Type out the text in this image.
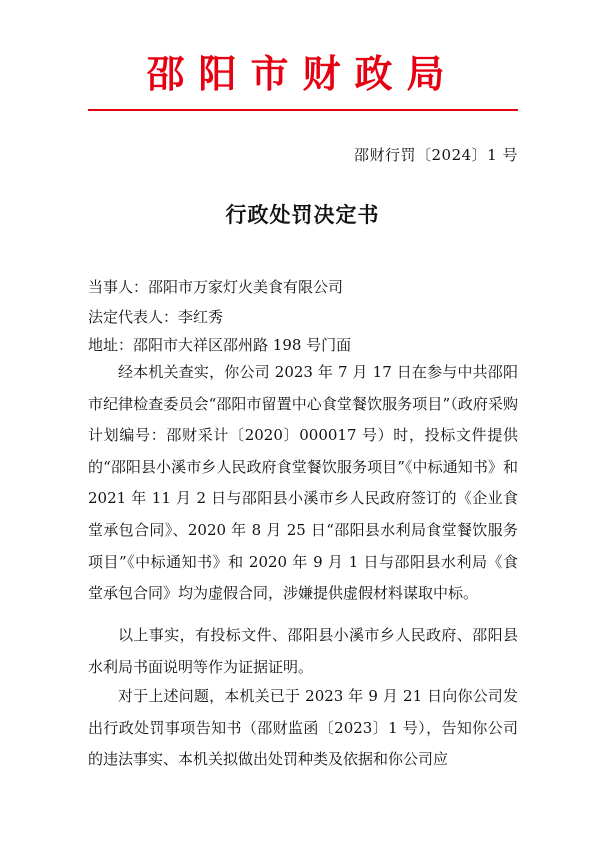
邵阳市财政局
邵财行罚〔2024〕1 号
行政处罚决定书
当事人：邵阳市万家灯火美食有限公司
法定代表人：李红秀
地址：邵阳市大祥区邵州路 198 号门面

经本机关查实，你公司 2023 年 7 月 17 日在参与中共邵阳市纪律检查委员会“邵阳市留置中心食堂餐饮服务项目”（政府采购计划编号：邵财采计〔2020〕000017 号）时，投标文件提供的“邵阳县小溪市乡人民政府食堂餐饮服务项目”《中标通知书》和 2021 年 11 月 2 日与邵阳县小溪市乡人民政府签订的《企业食堂承包合同》、2020 年 8 月 25 日“邵阳县水利局食堂餐饮服务项目”《中标通知书》和 2020 年 9 月 1 日与邵阳县水利局《食堂承包合同》均为虚假合同，涉嫌提供虚假材料谋取中标。

以上事实，有投标文件、邵阳县小溪市乡人民政府、邵阳县水利局书面说明等作为证据证明。

对于上述问题，本机关已于 2023 年 9 月 21 日向你公司发出行政处罚事项告知书（邵财监函〔2023〕1 号），告知你公司的违法事实、本机关拟做出处罚种类及依据和你公司应
